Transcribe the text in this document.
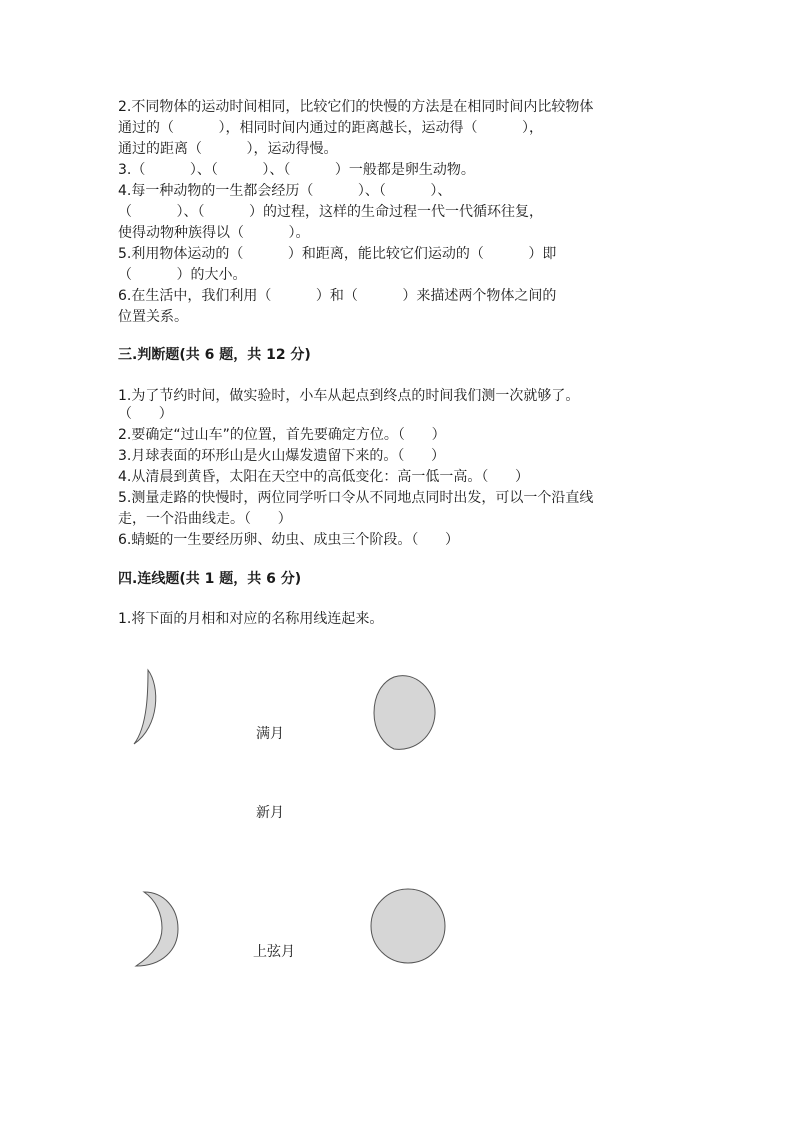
2.不同物体的运动时间相同，比较它们的快慢的方法是在相同时间内比较物体
通过的（          ），相同时间内通过的距离越长，运动得（          ），
通过的距离（          ），运动得慢。
3.（          ）、（          ）、（          ）一般都是卵生动物。
4.每一种动物的一生都会经历（          ）、（          ）、
（          ）、（          ）的过程，这样的生命过程一代一代循环往复，
使得动物种族得以（          ）。
5.利用物体运动的（          ）和距离，能比较它们运动的（          ）即
（          ）的大小。
6.在生活中，我们利用（          ）和（          ）来描述两个物体之间的
位置关系。
三.判断题(共 6 题，共 12 分)
1.为了节约时间，做实验时，小车从起点到终点的时间我们测一次就够了。
（      ）
2.要确定“过山车”的位置，首先要确定方位。（      ）
3.月球表面的环形山是火山爆发遗留下来的。（      ）
4.从清晨到黄昏，太阳在天空中的高低变化：高一低一高。（      ）
5.测量走路的快慢时，两位同学听口令从不同地点同时出发，可以一个沿直线
走，一个沿曲线走。（      ）
6.蜻蜓的一生要经历卵、幼虫、成虫三个阶段。（      ）
四.连线题(共 1 题，共 6 分)
1.将下面的月相和对应的名称用线连起来。
满月
新月
上弦月
